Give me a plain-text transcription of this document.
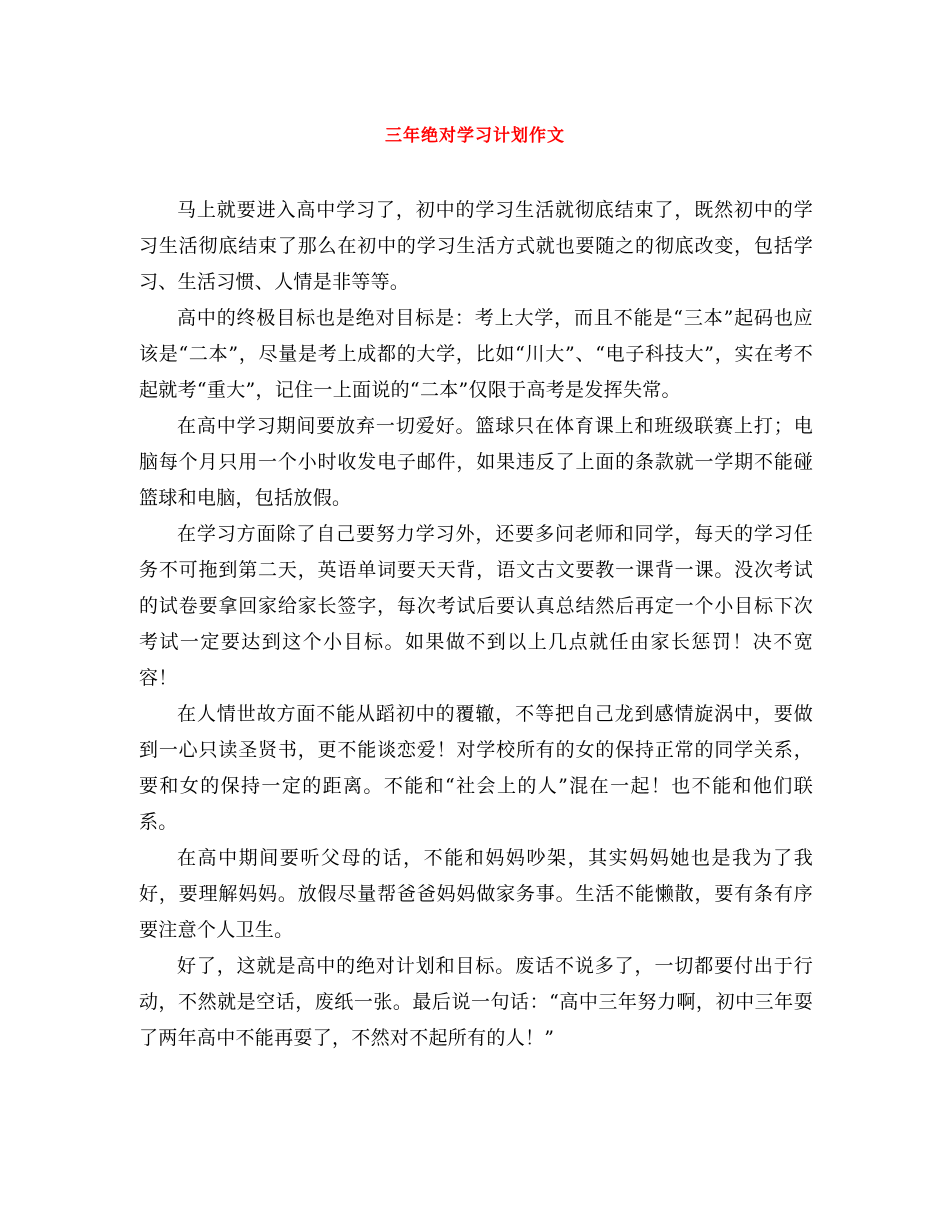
三年绝对学习计划作文

马上就要进入高中学习了，初中的学习生活就彻底结束了，既然初中的学习生活彻底结束了那么在初中的学习生活方式就也要随之的彻底改变，包括学习、生活习惯、人情是非等等。

高中的终极目标也是绝对目标是：考上大学，而且不能是“三本”起码也应该是“二本”，尽量是考上成都的大学，比如“川大”、“电子科技大”，实在考不起就考“重大”，记住一上面说的“二本”仅限于高考是发挥失常。

在高中学习期间要放弃一切爱好。篮球只在体育课上和班级联赛上打；电脑每个月只用一个小时收发电子邮件，如果违反了上面的条款就一学期不能碰篮球和电脑，包括放假。

在学习方面除了自己要努力学习外，还要多问老师和同学，每天的学习任务不可拖到第二天，英语单词要天天背，语文古文要教一课背一课。没次考试的试卷要拿回家给家长签字，每次考试后要认真总结然后再定一个小目标下次考试一定要达到这个小目标。如果做不到以上几点就任由家长惩罚！决不宽容！

在人情世故方面不能从蹈初中的覆辙，不等把自己龙到感情旋涡中，要做到一心只读圣贤书，更不能谈恋爱！对学校所有的女的保持正常的同学关系，要和女的保持一定的距离。不能和“社会上的人”混在一起！也不能和他们联系。

在高中期间要听父母的话，不能和妈妈吵架，其实妈妈她也是我为了我好，要理解妈妈。放假尽量帮爸爸妈妈做家务事。生活不能懒散，要有条有序要注意个人卫生。

好了，这就是高中的绝对计划和目标。废话不说多了，一切都要付出于行动，不然就是空话，废纸一张。最后说一句话：“高中三年努力啊，初中三年耍了两年高中不能再耍了，不然对不起所有的人！”
